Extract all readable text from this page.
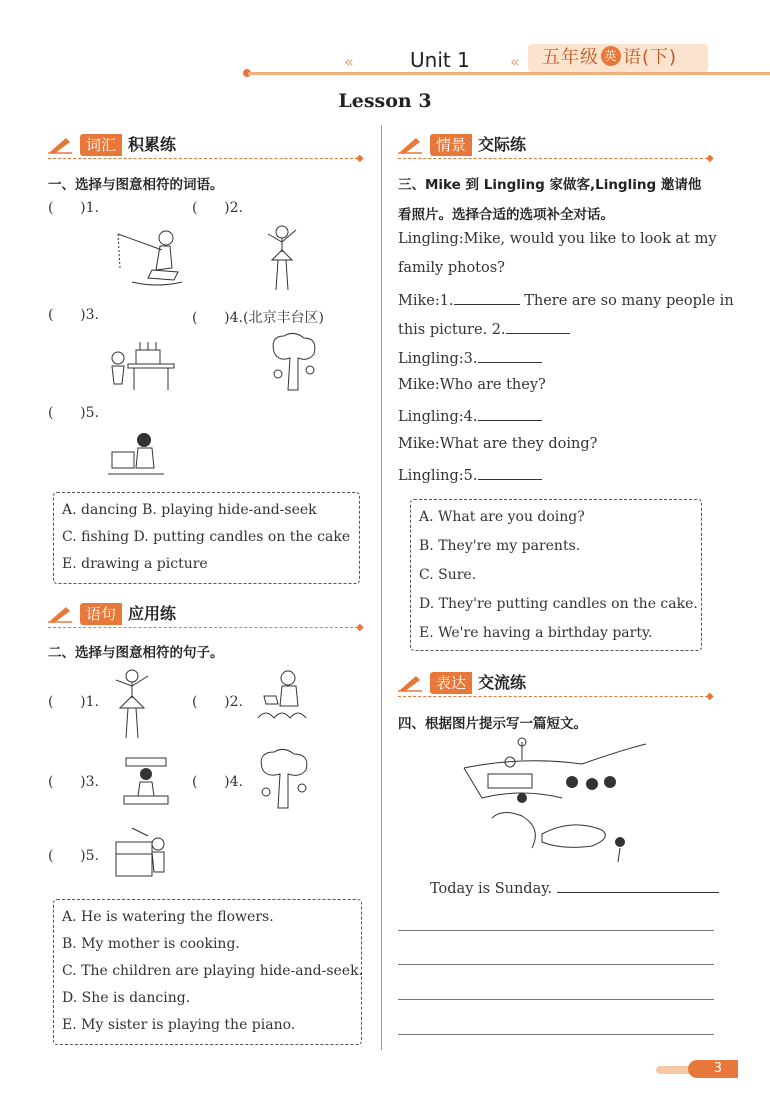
«	Unit 1	«	五年级 英 语(下)
Lesson 3
词汇 积累练
◆
一、选择与图意相符的词语。
(      )1.	(      )2.
(      )3.	(      )4.(北京丰台区)
(      )5.
A. dancing B. playing hide-and-seek
C. fishing D. putting candles on the cake
E. drawing a picture
语句 应用练
◆
二、选择与图意相符的句子。
(      )1.	(      )2.
(      )3.	(      )4.
(      )5.
A. He is watering the flowers.
B. My mother is cooking.
C. The children are playing hide-and-seek.
D. She is dancing.
E. My sister is playing the piano.
情景 交际练
◆
三、Mike 到 Lingling 家做客,Lingling 邀请他
看照片。选择合适的选项补全对话。
Lingling:Mike, would you like to look at my
family photos?
Mike:1.	There are so many people in
this picture. 2.
Lingling:3.
Mike:Who are they?
Lingling:4.
Mike:What are they doing?
Lingling:5.
A. What are you doing?
B. They're my parents.
C. Sure.
D. They're putting candles on the cake.
E. We're having a birthday party.
表达 交流练
◆
四、根据图片提示写一篇短文。
Today is Sunday.
3
